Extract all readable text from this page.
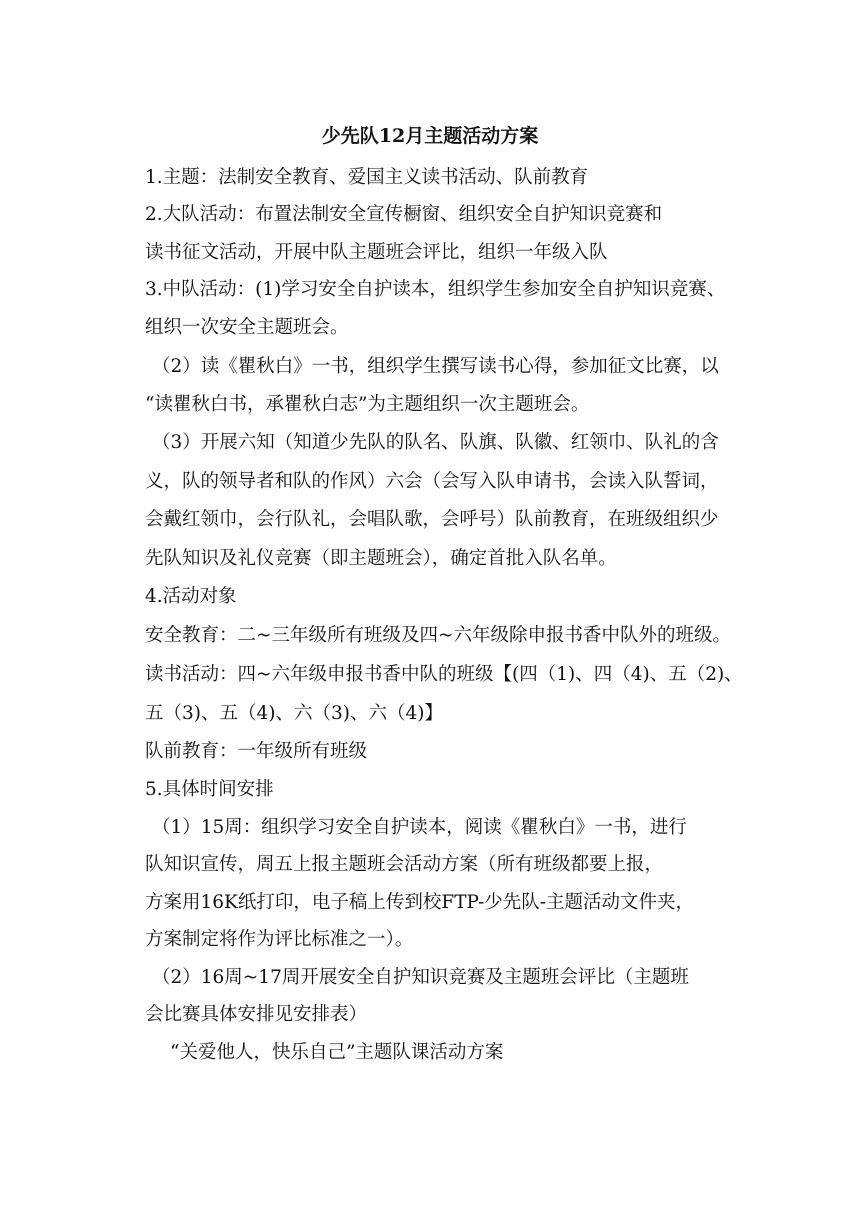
少先队12月主题活动方案
1.主题：法制安全教育、爱国主义读书活动、队前教育
2.大队活动：布置法制安全宣传橱窗、组织安全自护知识竞赛和
读书征文活动，开展中队主题班会评比，组织一年级入队
3.中队活动：(1)学习安全自护读本，组织学生参加安全自护知识竞赛、
组织一次安全主题班会。
（2）读《瞿秋白》一书，组织学生撰写读书心得，参加征文比赛，以
“读瞿秋白书，承瞿秋白志”为主题组织一次主题班会。
（3）开展六知（知道少先队的队名、队旗、队徽、红领巾、队礼的含
义，队的领导者和队的作风）六会（会写入队申请书，会读入队誓词，
会戴红领巾，会行队礼，会唱队歌，会呼号）队前教育，在班级组织少
先队知识及礼仪竞赛（即主题班会），确定首批入队名单。
4.活动对象
安全教育：二~三年级所有班级及四~六年级除申报书香中队外的班级。
读书活动：四~六年级申报书香中队的班级【(四（1)、四（4)、五（2)、
五（3)、五（4)、六（3)、六（4)】
队前教育：一年级所有班级
5.具体时间安排
（1）15周：组织学习安全自护读本，阅读《瞿秋白》一书，进行
队知识宣传，周五上报主题班会活动方案（所有班级都要上报，
方案用16K纸打印，电子稿上传到校FTP-少先队-主题活动文件夹，
方案制定将作为评比标准之一）。
（2）16周~17周开展安全自护知识竞赛及主题班会评比（主题班
会比赛具体安排见安排表）
“关爱他人，快乐自己”主题队课活动方案
